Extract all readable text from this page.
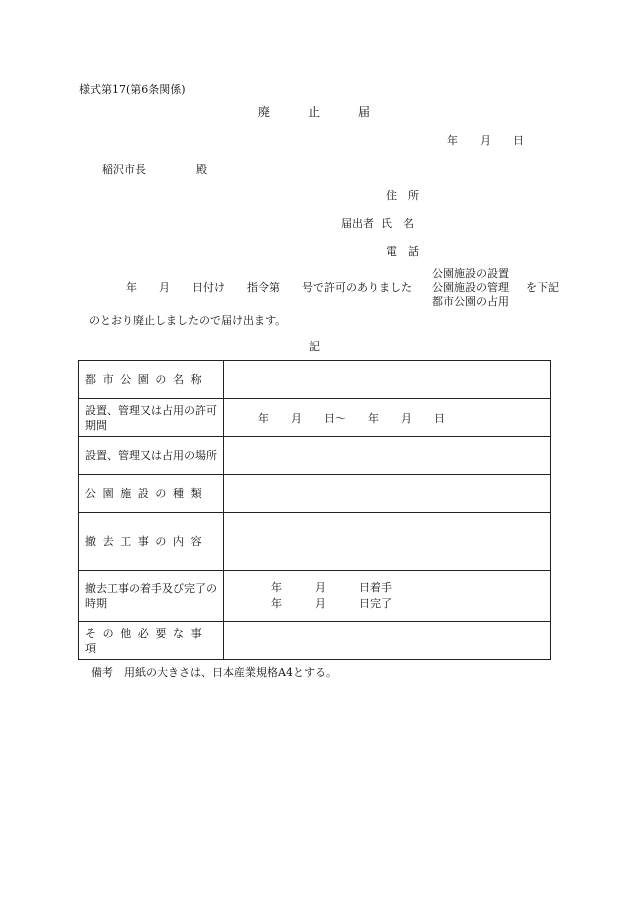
様式第17(第6条関係)
廃	止	届
年　　月　　日
稲沢市長	殿
住　所
届出者 氏　名
電　話
公園施設の設置
公園施設の管理
都市公園の占用
年　　月　　日付け　　指令第　　号で許可のありました	を下記
のとおり廃止しましたので届け出ます。
記
都市公園の名称	
設置、管理又は占用の許可期間	年　　月　　日～　　年　　月　　日
設置、管理又は占用の場所	
公園施設の種類	
撤去工事の内容	
撤去工事の着手及び完了の時期	年　　　月　　　日着手
年　　　月　　　日完了

その他必要な事項	
備考　用紙の大きさは、日本産業規格A4とする。
